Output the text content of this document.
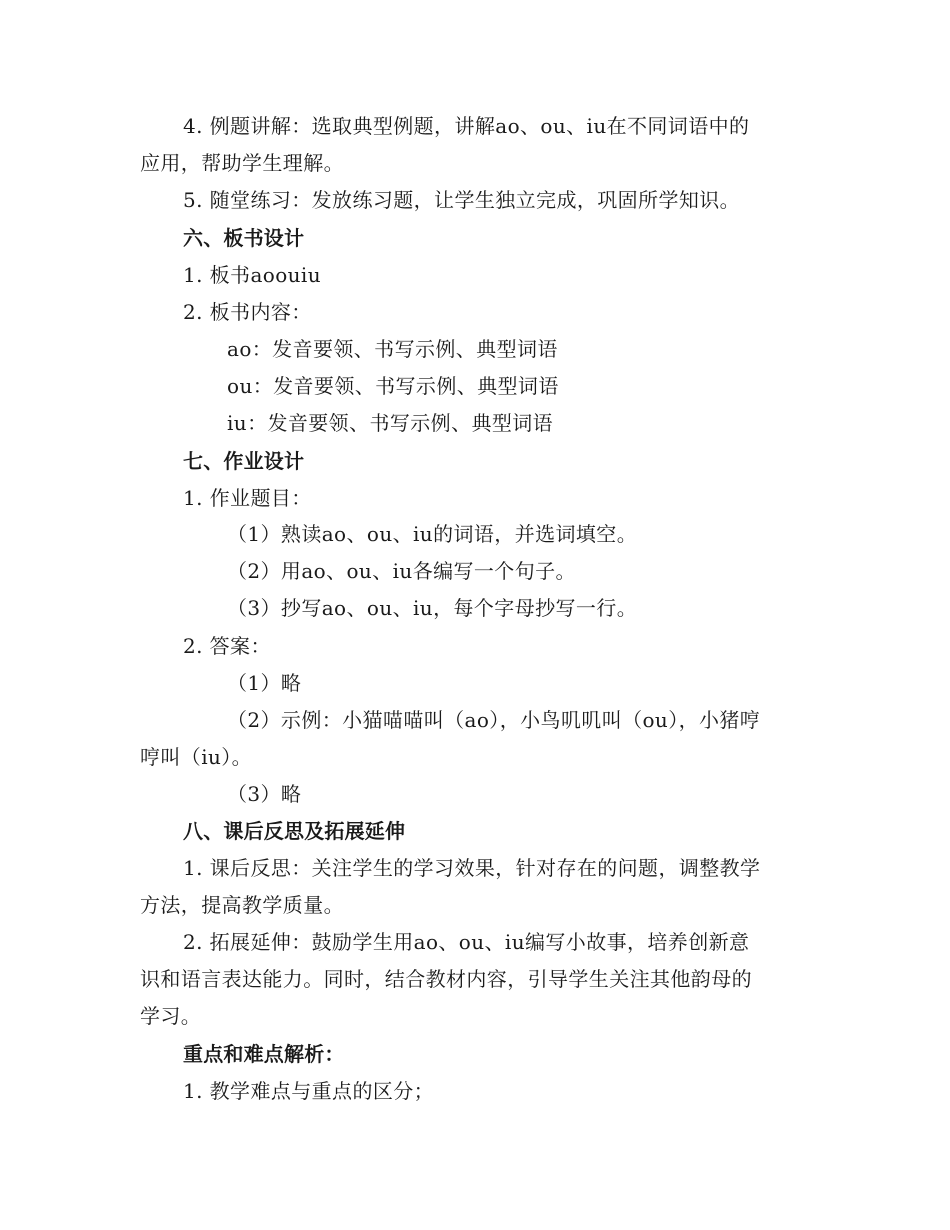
4. 例题讲解：选取典型例题，讲解ao、ou、iu在不同词语中的
应用，帮助学生理解。
5. 随堂练习：发放练习题，让学生独立完成，巩固所学知识。
六、板书设计
1. 板书aoouiu
2. 板书内容：
ao：发音要领、书写示例、典型词语
ou：发音要领、书写示例、典型词语
iu：发音要领、书写示例、典型词语
七、作业设计
1. 作业题目：
（1）熟读ao、ou、iu的词语，并选词填空。
（2）用ao、ou、iu各编写一个句子。
（3）抄写ao、ou、iu，每个字母抄写一行。
2. 答案：
（1）略
（2）示例：小猫喵喵叫（ao），小鸟叽叽叫（ou），小猪哼
哼叫（iu）。
（3）略
八、课后反思及拓展延伸
1. 课后反思：关注学生的学习效果，针对存在的问题，调整教学
方法，提高教学质量。
2. 拓展延伸：鼓励学生用ao、ou、iu编写小故事，培养创新意
识和语言表达能力。同时，结合教材内容，引导学生关注其他韵母的
学习。
重点和难点解析：
1. 教学难点与重点的区分；
